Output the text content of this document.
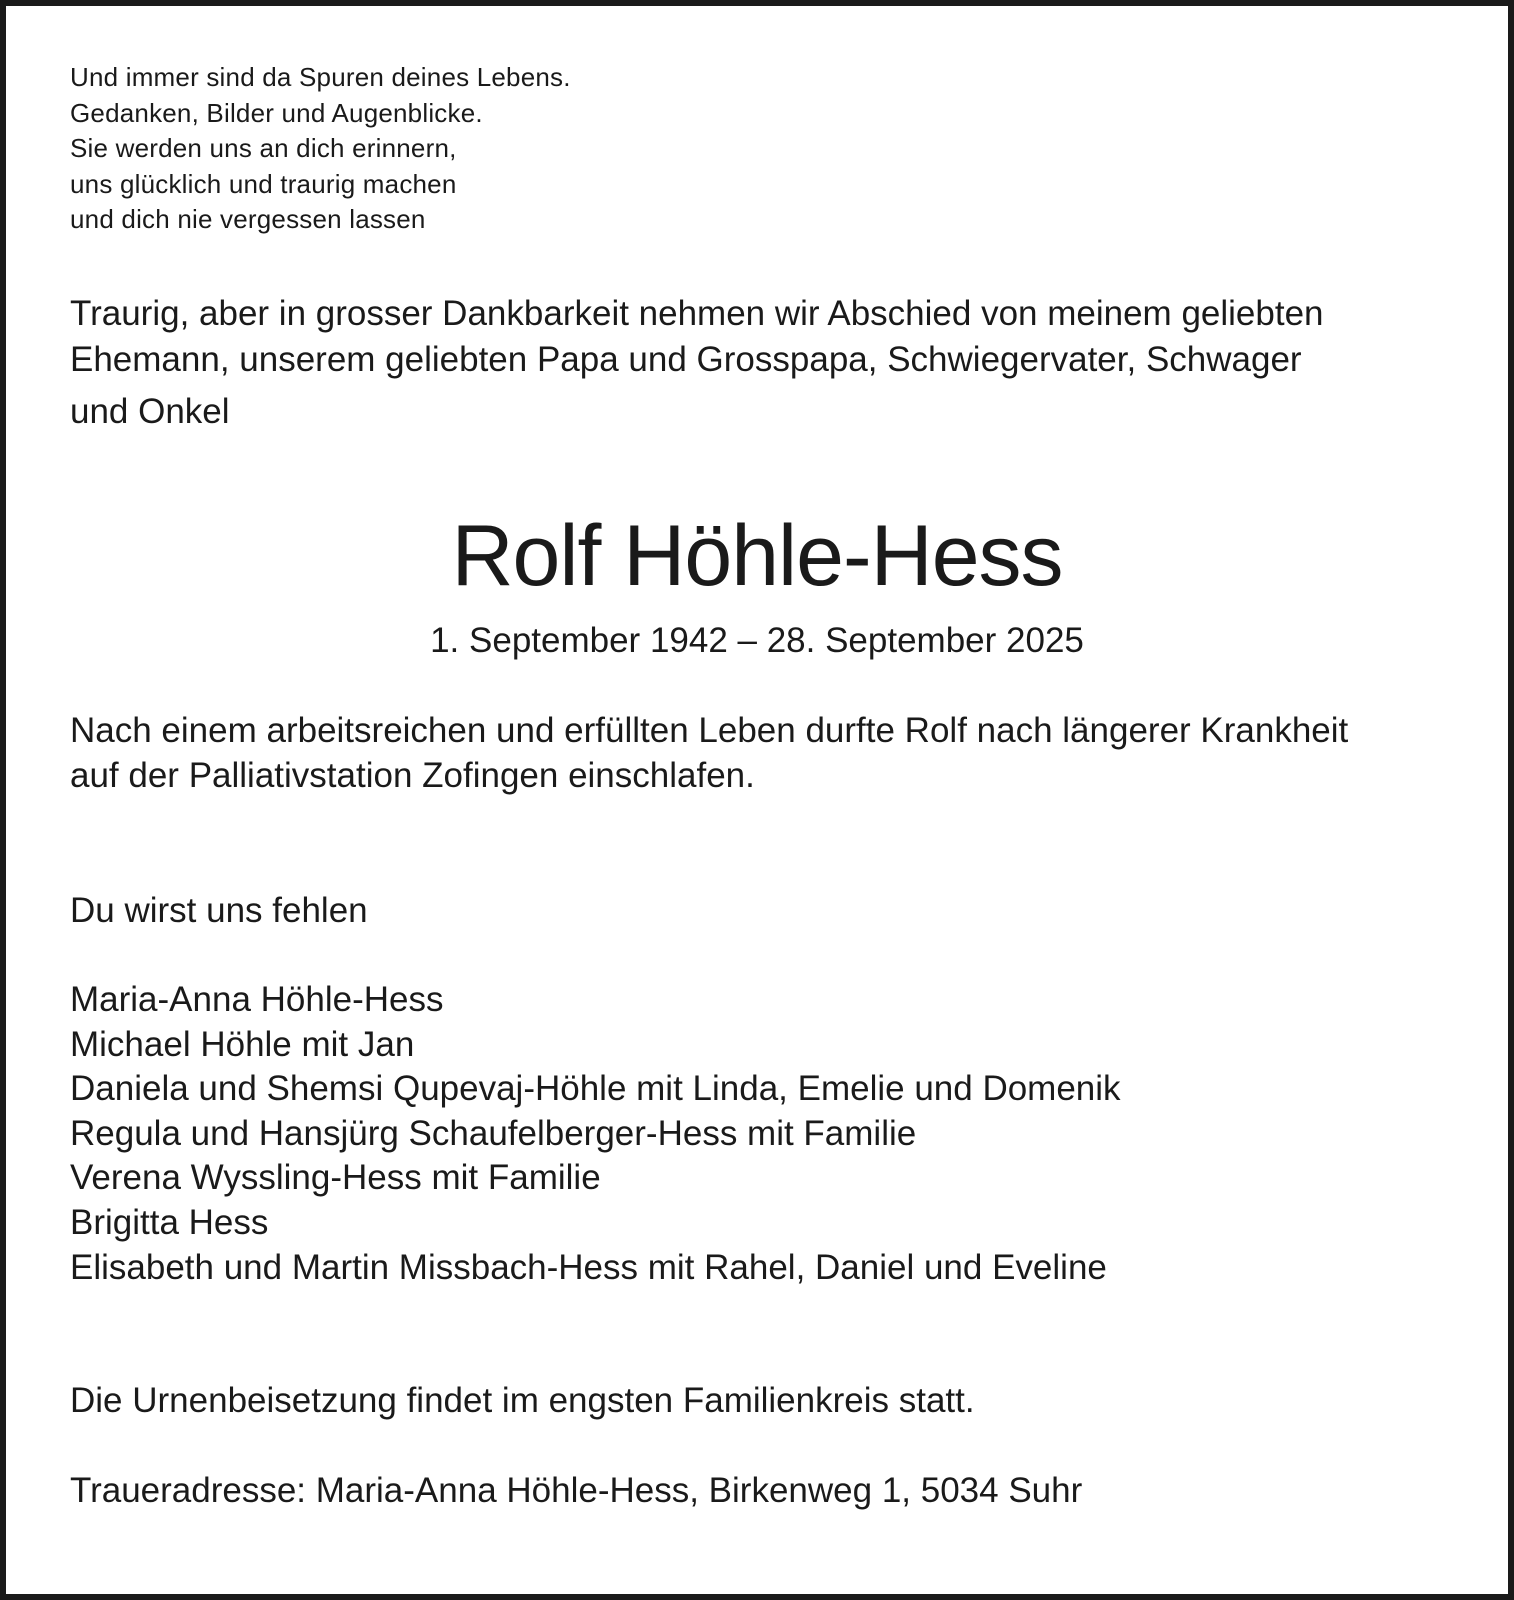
Und immer sind da Spuren deines Lebens.
Gedanken, Bilder und Augenblicke.
Sie werden uns an dich erinnern,
uns glücklich und traurig machen
und dich nie vergessen lassen
Traurig, aber in grosser Dankbarkeit nehmen wir Abschied von meinem geliebten
Ehemann, unserem geliebten Papa und Grosspapa, Schwiegervater, Schwager
und Onkel
Rolf Höhle-Hess
1. September 1942 – 28. September 2025
Nach einem arbeitsreichen und erfüllten Leben durfte Rolf nach längerer Krankheit
auf der Palliativstation Zofingen einschlafen.
Du wirst uns fehlen
Maria-Anna Höhle-Hess
Michael Höhle mit Jan
Daniela und Shemsi Qupevaj-Höhle mit Linda, Emelie und Domenik
Regula und Hansjürg Schaufelberger-Hess mit Familie
Verena Wyssling-Hess mit Familie
Brigitta Hess
Elisabeth und Martin Missbach-Hess mit Rahel, Daniel und Eveline
Die Urnenbeisetzung findet im engsten Familienkreis statt.
Traueradresse: Maria-Anna Höhle-Hess, Birkenweg 1, 5034 Suhr
